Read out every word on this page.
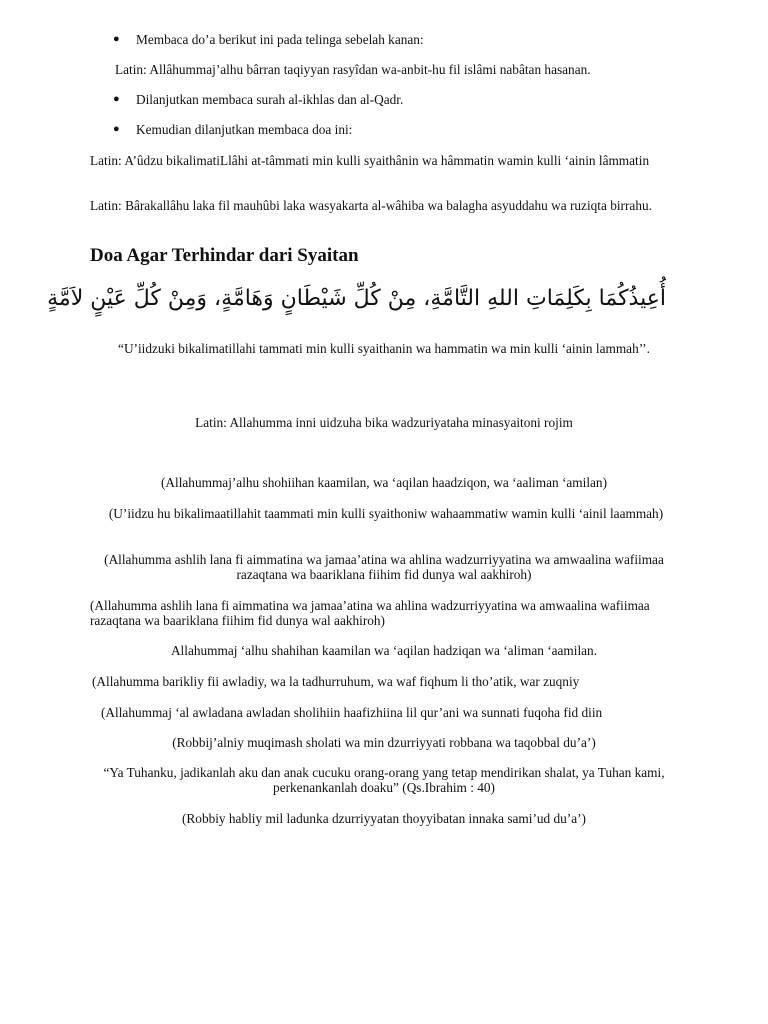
● Membaca do’a berikut ini pada telinga sebelah kanan:
Latin: Allâhummaj’alhu bârran taqiyyan rasyîdan wa-anbit-hu fil islâmi nabâtan hasanan.
● Dilanjutkan membaca surah al-ikhlas dan al-Qadr.
● Kemudian dilanjutkan membaca doa ini:
Latin: A’ûdzu bikalimatiLlâhi at-tâmmati min kulli syaithânin wa hâmmatin wamin kulli ‘ainin lâmmatin
Latin: Bârakallâhu laka fil mauhûbi laka wasyakarta al-wâhiba wa balagha asyuddahu wa ruziqta birrahu.
Doa Agar Terhindar dari Syaitan
أُعِيذُكُمَا بِكَلِمَاتِ اللهِ التَّامَّةِ، مِنْ كُلِّ شَيْطَانٍ وَهَامَّةٍ، وَمِنْ كُلِّ عَيْنٍ لاَمَّةٍ
“U’iidzuki bikalimatillahi tammati min kulli syaithanin wa hammatin wa min kulli ‘ainin lammah’’.
Latin: Allahumma inni uidzuha bika wadzuriyataha minasyaitoni rojim
(Allahummaj’alhu shohiihan kaamilan, wa ‘aqilan haadziqon, wa ‘aaliman ‘amilan)
(U’iidzu hu bikalimaatillahit taammati min kulli syaithoniw wahaammatiw wamin kulli ‘ainil laammah)
(Allahumma ashlih lana fi aimmatina wa jamaa’atina wa ahlina wadzurriyyatina wa amwaalina wafiimaa razaqtana wa baariklana fiihim fid dunya wal aakhiroh)
(Allahumma ashlih lana fi aimmatina wa jamaa’atina wa ahlina wadzurriyyatina wa amwaalina wafiimaa razaqtana wa baariklana fiihim fid dunya wal aakhiroh)
Allahummaj ‘alhu shahihan kaamilan wa ‘aqilan hadziqan wa ‘aliman ‘aamilan.
(Allahumma barikliy fii awladiy, wa la tadhurruhum, wa waf fiqhum li tho’atik, war zuqniy
(Allahummaj ‘al awladana awladan sholihiin haafizhiina lil qur’ani wa sunnati fuqoha fid diin
(Robbij’alniy muqimash sholati wa min dzurriyyati robbana wa taqobbal du’a’)
“Ya Tuhanku, jadikanlah aku dan anak cucuku orang-orang yang tetap mendirikan shalat, ya Tuhan kami, perkenankanlah doaku” (Qs.Ibrahim : 40)
(Robbiy habliy mil ladunka dzurriyyatan thoyyibatan innaka sami’ud du’a’)
